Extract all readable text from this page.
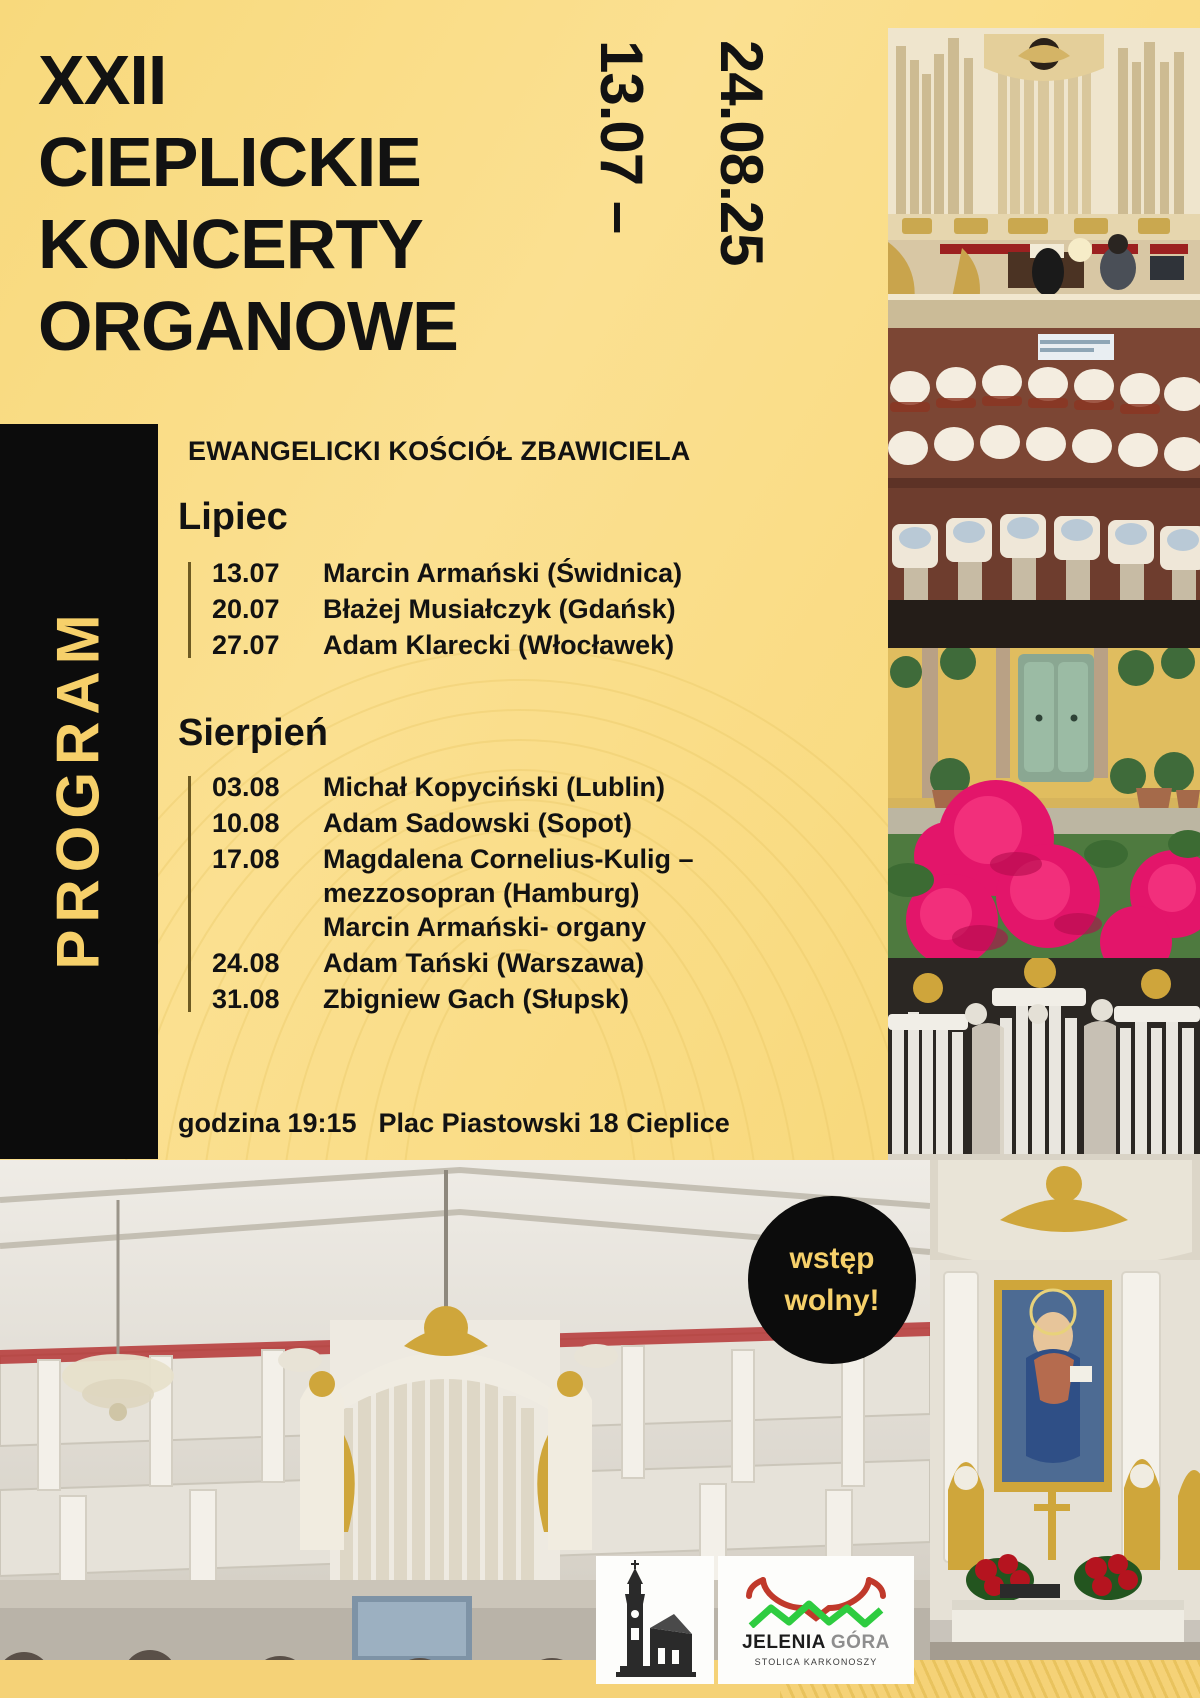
XXII
CIEPLICKIE
KONCERTY
ORGANOWE
13.07 – 24.08.25
PROGRAM
EWANGELICKI KOŚCIÓŁ ZBAWICIELA
Lipiec
13.07	Marcin Armański (Świdnica)
20.07	Błażej Musiałczyk (Gdańsk)
27.07	Adam Klarecki (Włocławek)
Sierpień
03.08	Michał Kopyciński (Lublin)
10.08	Adam Sadowski (Sopot)
17.08	Magdalena Cornelius-Kulig –
mezzosopran (Hamburg)
Marcin Armański- organy
24.08	Adam Tański (Warszawa)
31.08	Zbigniew Gach (Słupsk)
godzina 19:15 Plac Piastowski 18 Cieplice
wstęp
wolny!
JELENIA GÓRA
STOLICA KARKONOSZY
